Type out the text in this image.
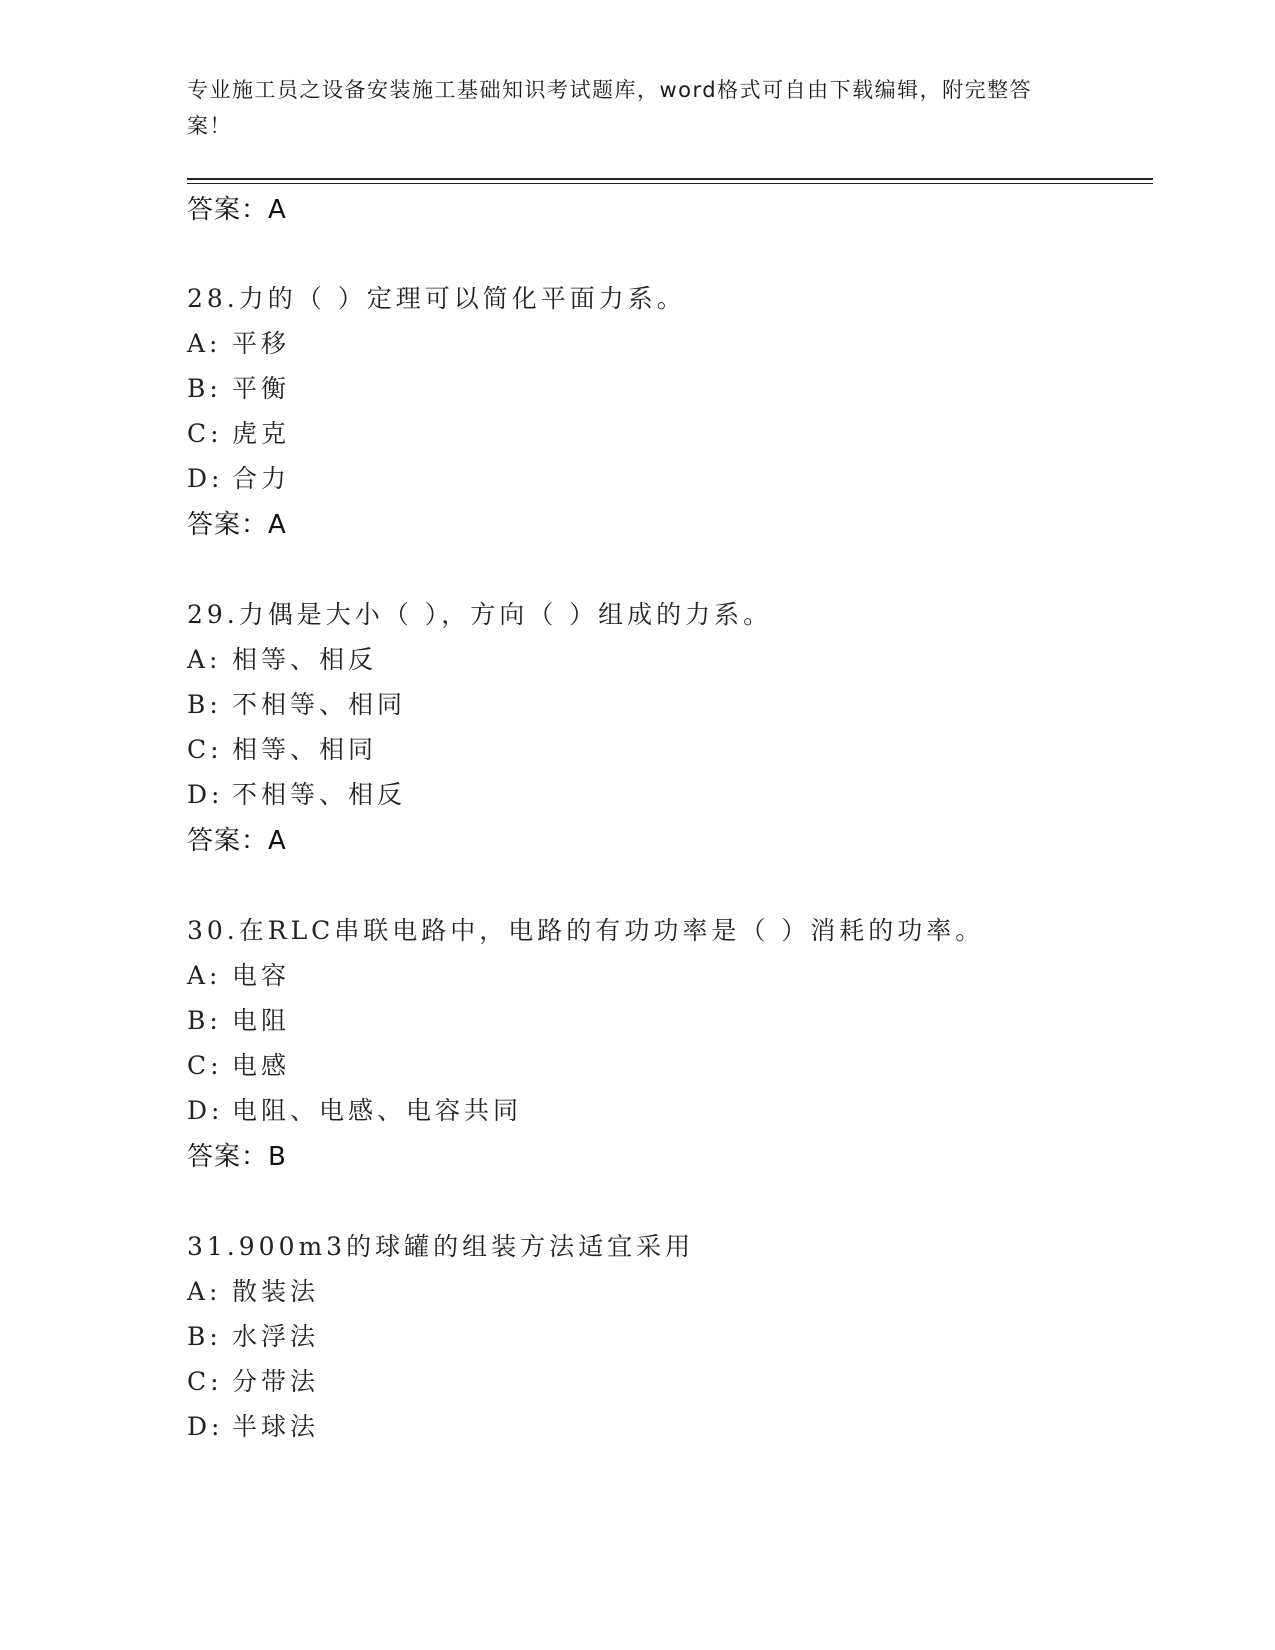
专业施工员之设备安装施工基础知识考试题库，word格式可自由下载编辑，附完整答案！
答案：A
28.力的（ ）定理可以简化平面力系。
A: 平移
B: 平衡
C: 虎克
D: 合力
答案：A
29.力偶是大小（ ），方向（ ）组成的力系。
A: 相等、相反
B: 不相等、相同
C: 相等、相同
D: 不相等、相反
答案：A
30.在RLC串联电路中，电路的有功功率是（ ）消耗的功率。
A: 电容
B: 电阻
C: 电感
D: 电阻、电感、电容共同
答案：B
31.900m3的球罐的组装方法适宜采用
A: 散装法
B: 水浮法
C: 分带法
D: 半球法
